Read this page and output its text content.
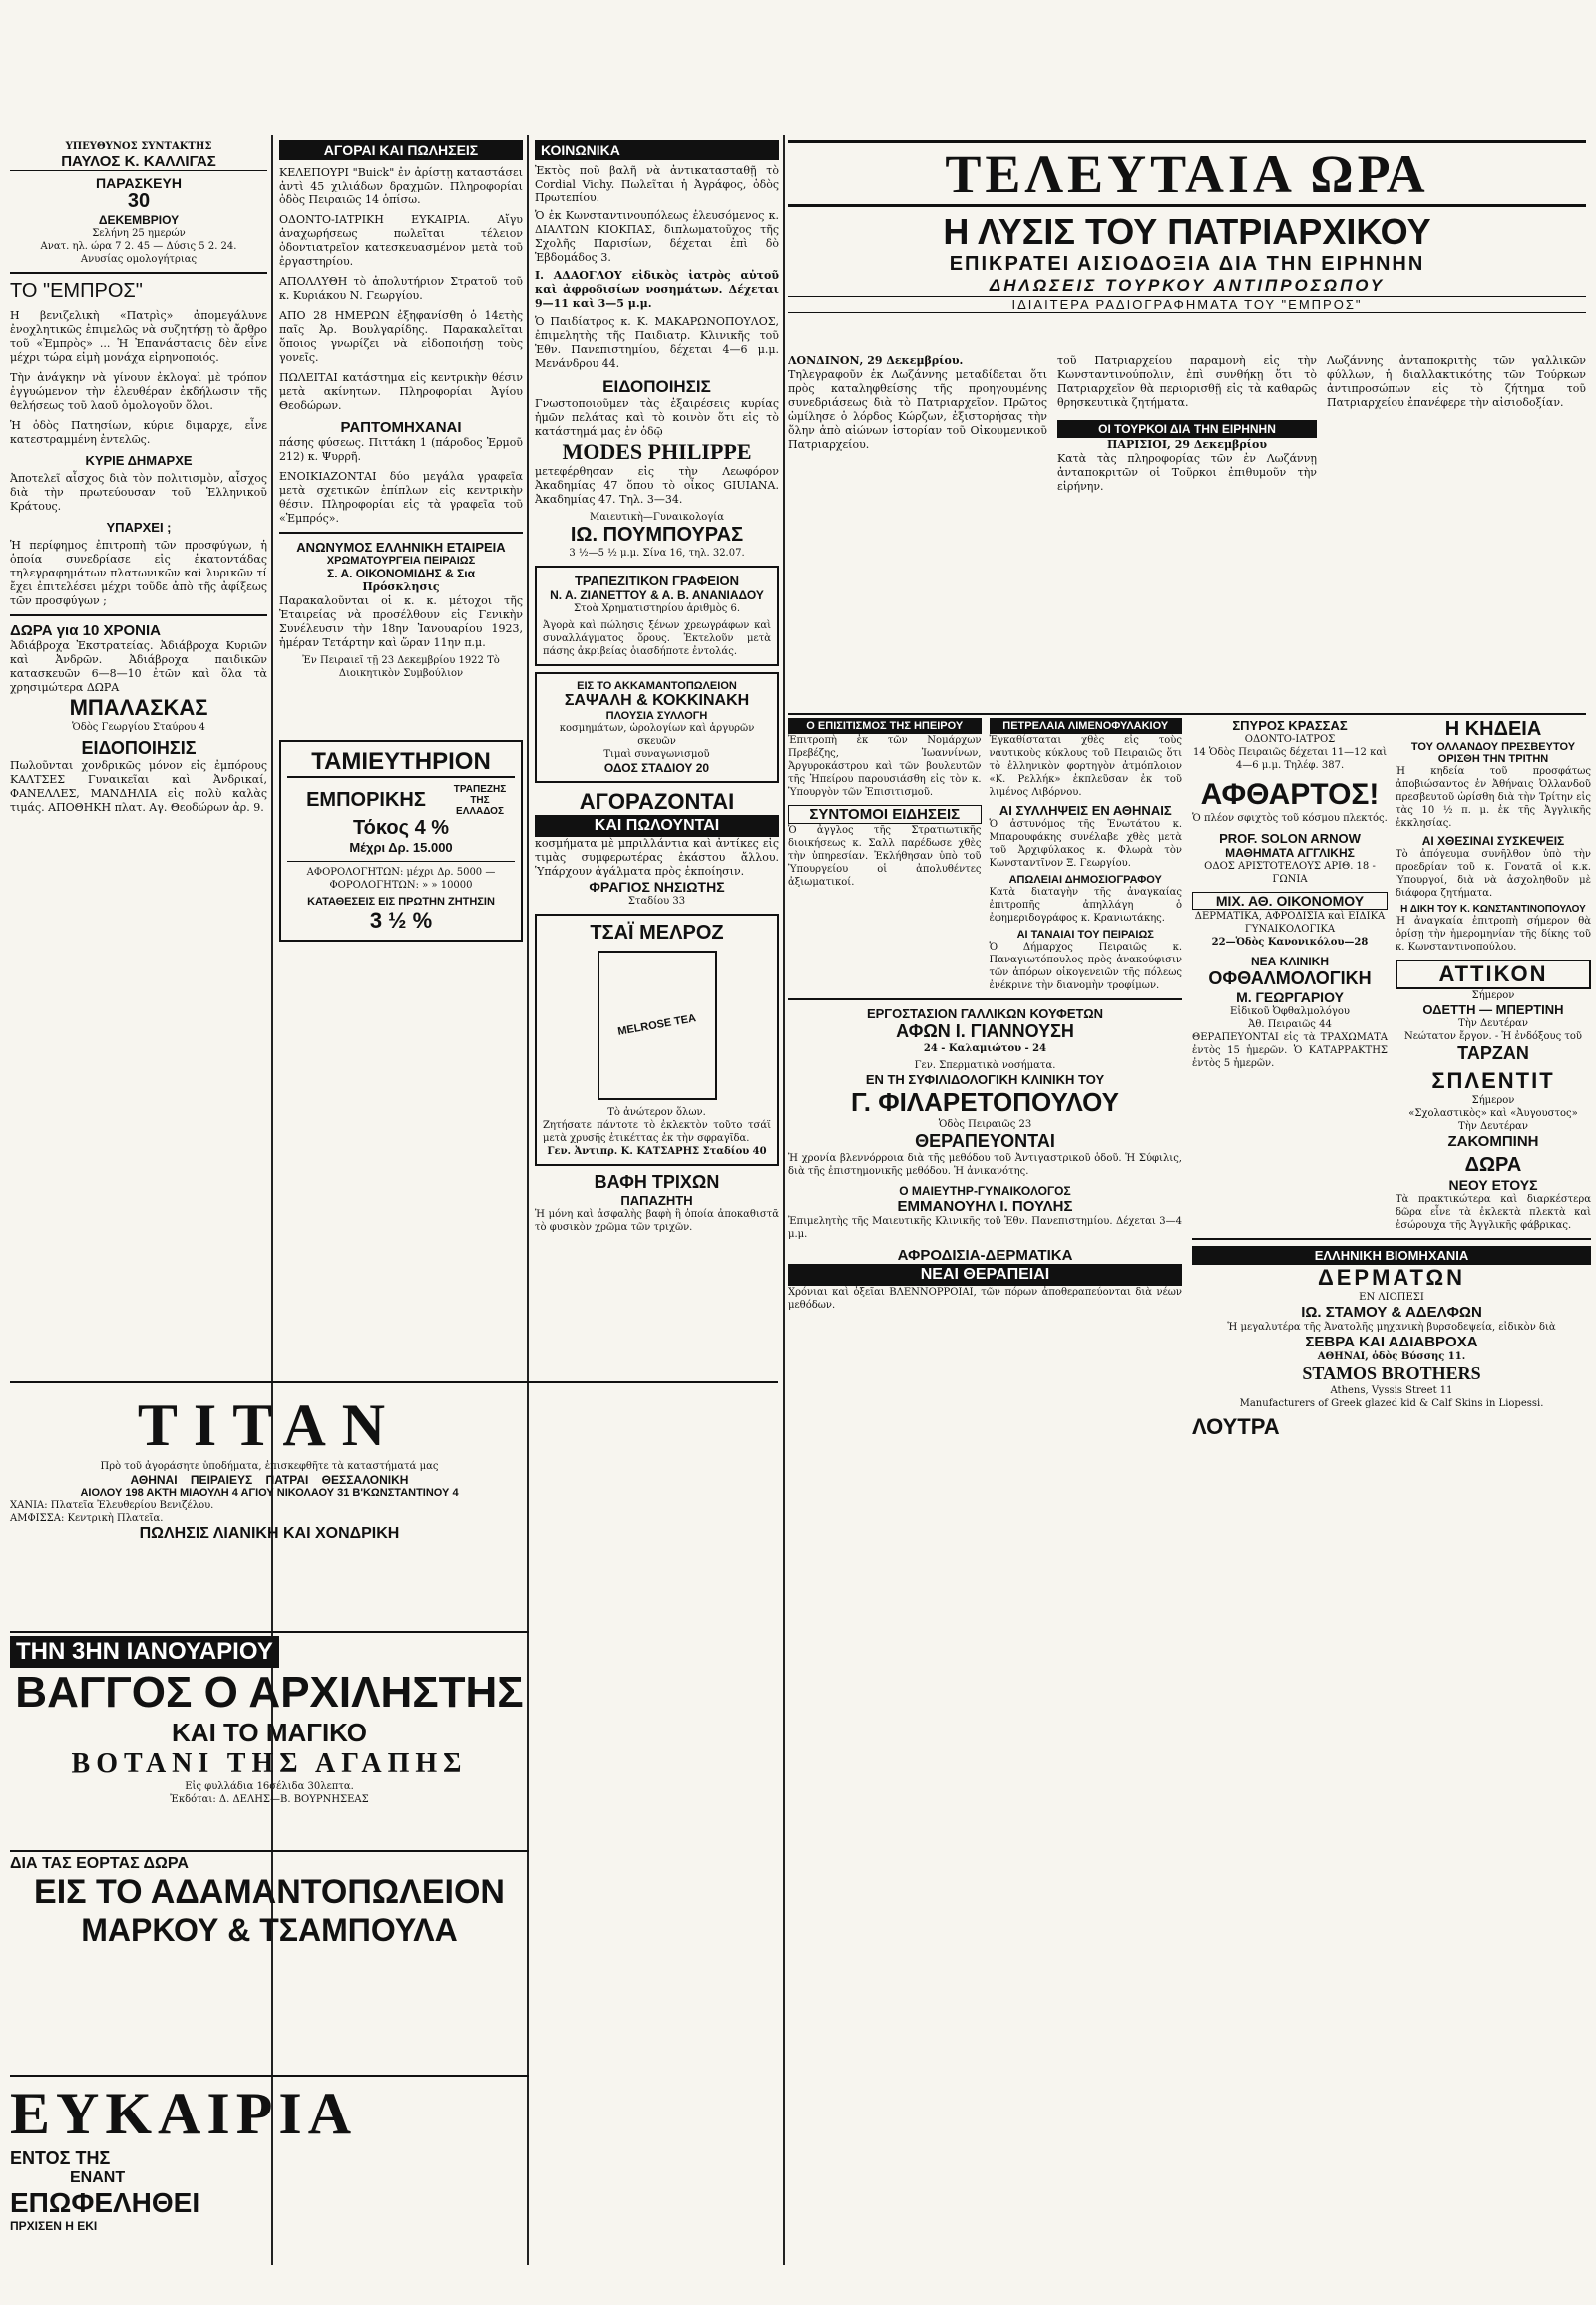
ΥΠΕΥΘΥΝΟΣ ΣΥΝΤΑΚΤΗΣ
ΠΑΥΛΟΣ Κ. ΚΑΛΛΙΓΑΣ
ΠΑΡΑΣΚΕΥΗ
30
ΔΕΚΕΜΒΡΙΟΥ
Σελήνη 25 ημερών
Ανατ. ηλ. ώρα 7 2. 45 — Δύσις 5 2. 24.
Ανυσίας ομολογήτριας
ΤΟ "ΕΜΠΡΟΣ"

Η βενιζελικὴ «Πατρὶς» ἀπομεγάλυνε ἐνοχλητικῶς ἐπιμελῶς νὰ συζητήσῃ τὸ ἄρθρο τοῦ «Ἐμπρὸς» ... Ἡ Ἐπανάστασις δὲν εἶνε μέχρι τώρα εἰμὴ μονάχα εἰρηνοποιός.

Τὴν ἀνάγκην νὰ γίνουν ἐκλογαὶ μὲ τρόπον ἐγγυώμενον τὴν ἐλευθέραν ἐκδήλωσιν τῆς θελήσεως τοῦ λαοῦ ὁμολογοῦν ὅλοι.

Ἡ ὁδὸς Πατησίων, κύριε διμαρχε, εἶνε κατεστραμμένη ἐντελῶς.

ΚΥΡΙΕ ΔΗΜΑΡΧΕ

Ἀποτελεῖ αἶσχος διὰ τὸν πολιτισμὸν, αἶσχος διὰ τὴν πρωτεύουσαν τοῦ Ἑλληνικοῦ Κράτους.

ΥΠΑΡΧΕΙ ;

Ἡ περίφημος ἐπιτροπὴ τῶν προσφύγων, ἡ ὁποία συνεδρίασε εἰς ἑκατοντάδας τηλεγραφημάτων πλατωνικῶν καὶ λυρικῶν τί ἔχει ἐπιτελέσει μέχρι τοῦδε ἀπὸ τῆς ἀφίξεως τῶν προσφύγων ;

ΔΩΡΑ για 10 ΧΡΟΝΙΑ

Ἀδιάβροχα Ἐκστρατείας. Ἀδιάβροχα Κυριῶν καὶ Ἀνδρῶν. Ἀδιάβροχα παιδικῶν κατασκευῶν 6—8—10 ἐτῶν καὶ ὅλα τὰ χρησιμώτερα ΔΩΡΑ

ΜΠΑΛΑΣΚΑΣ
Ὁδὸς Γεωργίου Σταύρου 4
ΕΙΔΟΠΟΙΗΣΙΣ

Πωλοῦνται χονδρικῶς μόνον εἰς ἐμπόρους ΚΑΛΤΣΕΣ Γυναικεῖαι καὶ Ἀνδρικαί, ΦΑΝΕΛΛΕΣ, ΜΑΝΔΗΛΙΑ εἰς πολὺ καλὰς τιμάς. ΑΠΟΘΗΚΗ πλατ. Αγ. Θεοδώρων ἀρ. 9.

ΑΓΟΡΑΙ ΚΑΙ ΠΩΛΗΣΕΙΣ

ΚΕΛΕΠΟΥΡΙ "Buick" ἐν ἀρίστῃ καταστάσει ἀντὶ 45 χιλιάδων δραχμῶν. Πληροφορίαι ὁδὸς Πειραιῶς 14 ὁπίσω.

ΟΔΟΝΤΟ-ΙΑΤΡΙΚΗ ΕΥΚΑΙΡΙΑ. Αἴγυ ἀναχωρήσεως πωλεῖται τέλειον ὀδοντιατρεῖον κατεσκευασμένον μετὰ τοῦ ἐργαστηρίου.

ΑΠΟΛΛΥΘΗ τὸ ἀπολυτήριον Στρατοῦ τοῦ κ. Κυριάκου Ν. Γεωργίου.

ΑΠΟ 28 ΗΜΕΡΩΝ ἐξηφανίσθη ὁ 14ετὴς παῖς Ἀρ. Βουλγαρίδης. Παρακαλεῖται ὅποιος γνωρίζει νὰ εἰδοποιήσῃ τοὺς γονεῖς.

ΠΩΛΕΙΤΑΙ κατάστημα εἰς κεντρικὴν θέσιν μετὰ ακίνητων. Πληροφορίαι Ἀγίου Θεοδώρων.

ΡΑΠΤΟΜΗΧΑΝΑΙ

πάσης φύσεως. Πιττάκη 1 (πάροδος Ἑρμοῦ 212) κ. Ψυρρῆ.

ΕΝΟΙΚΙΑΖΟΝΤΑΙ δύο μεγάλα γραφεῖα μετὰ σχετικῶν ἐπίπλων εἰς κεντρικὴν θέσιν. Πληροφορίαι εἰς τὰ γραφεῖα τοῦ «Ἐμπρός».

ΑΝΩΝΥΜΟΣ ΕΛΛΗΝΙΚΗ ΕΤΑΙΡΕΙΑ
ΧΡΩΜΑΤΟΥΡΓΕΙΑ ΠΕΙΡΑΙΩΣ
Σ. Α. ΟΙΚΟΝΟΜΙΔΗΣ & Σια
Πρόσκλησις

Παρακαλοῦνται οἱ κ. κ. μέτοχοι τῆς Ἐταιρείας νὰ προσέλθουν εἰς Γενικὴν Συνέλευσιν τὴν 18ην Ἰανουαρίου 1923, ἡμέραν Τετάρτην καὶ ὥραν 11ην π.μ.

Ἐν Πειραιεῖ τῇ 23 Δεκεμβρίου 1922 Τὸ Διοικητικὸν Συμβούλιον

ΤΑΜΙΕΥΤΗΡΙΟΝ
ΕΜΠΟΡΙΚΗΣ	ΤΡΑΠΕΖΗΣ ΤΗΣ ΕΛΛΑΔΟΣ
Τόκος 4 %
Μέχρι Δρ. 15.000
ΑΦΟΡΟΛΟΓΗΤΩΝ: μέχρι Δρ. 5000 — ΦΟΡΟΛΟΓΗΤΩΝ: » » 10000
ΚΑΤΑΘΕΣΕΙΣ ΕΙΣ ΠΡΩΤΗΝ ΖΗΤΗΣΙΝ
3 ½ %
ΚΟΙΝΩΝΙΚΑ

Ἐκτὸς ποῦ βαλῆ νὰ ἀντικατασταθῇ τὸ Cordial Vichy. Πωλεῖται ἡ Ἀγράφος, ὁδὸς Πρωτεπίου.

Ὁ ἐκ Κωνσταντινουπόλεως ἐλευσόμενος κ. ΔΙΑΛΤΩΝ ΚΙΟΚΠΑΣ, διπλωματοῦχος τῆς Σχολῆς Παρισίων, δέχεται ἐπὶ δὸ Ἑβδομάδος 3.

Ι. ΑΔΑΟΓΛΟΥ εἰδικὸς ἰατρὸς αὐτοῦ καὶ ἀφροδισίων νοσημάτων. Δέχεται 9—11 καὶ 3—5 μ.μ.

Ὁ Παιδίατρος κ. Κ. ΜΑΚΑΡΩΝΟΠΟΥΛΟΣ, ἐπιμελητὴς τῆς Παιδιατρ. Κλινικῆς τοῦ Ἑθν. Πανεπιστημίου, δέχεται 4—6 μ.μ. Μενάνδρου 44.

ΕΙΔΟΠΟΙΗΣΙΣ

Γνωστοποιοῦμεν τὰς ἐξαιρέσεις κυρίας ἡμῶν πελάτας καὶ τὸ κοινὸν ὅτι εἰς τὸ κατάστημά μας ἐν ὁδῷ

MODES PHILIPPE

μετεφέρθησαν εἰς τὴν Λεωφόρον Ἀκαδημίας 47 ὅπου τὸ οἶκος GIUIANA. Ἀκαδημίας 47. Τηλ. 3—34.

Μαιευτικὴ—Γυναικολογία
ΙΩ. ΠΟΥΜΠΟΥΡΑΣ
3 ½—5 ½ μ.μ. Σίνα 16, τηλ. 32.07.
ΤΡΑΠΕΖΙΤΙΚΟΝ ΓΡΑΦΕΙΟΝ
Ν. Α. ΖΙΑΝΕΤΤΟΥ & Α. Β. ΑΝΑΝΙΑΔΟΥ
Στοὰ Χρηματιστηρίου ἀριθμὸς 6.

Ἀγορὰ καὶ πώλησις ξένων χρεωγράφων καὶ συναλλάγματος ὅρους. Ἐκτελοῦν μετὰ πάσης ἀκριβείας ὁιασδήποτε ἐντολάς.

ΕΙΣ ΤΟ ΑΚΚΑΜΑΝΤΟΠΩΛΕΙΟΝ
ΣΑΨΑΛΗ & ΚΟΚΚΙΝΑΚΗ
ΠΛΟΥΣΙΑ ΣΥΛΛΟΓΗ
κοσμημάτων, ὡρολογίων καὶ ἀργυρῶν σκευῶν
Τιμαὶ συναγωνισμοῦ
ΟΔΟΣ ΣΤΑΔΙΟΥ 20
ΑΓΟΡΑΖΟΝΤΑΙ
ΚΑΙ ΠΩΛΟΥΝΤΑΙ

κοσμήματα μὲ μπριλλάντια καὶ ἀντίκες εἰς τιμὰς συμφερωτέρας ἑκάστου ἄλλου. Ὑπάρχουν ἀγάλματα πρὸς ἐκποίησιν.

ΦΡΑΓΙΟΣ ΝΗΣΙΩΤΗΣ
Σταδίου 33
ΤΣΑΪ ΜΕΛΡΟΖ
MELROSE TEA
Τὸ ἀνώτερον ὅλων.

Ζητήσατε πάντοτε τὸ ἐκλεκτὸν τοῦτο τσάϊ μετὰ χρυσῆς ἐτικέττας ἐκ τὴν σφραγῖδα.

Γεν. Ἀντιπρ. Κ. ΚΑΤΣΑΡΗΣ Σταδίου 40
ΒΑΦΗ ΤΡΙΧΩΝ
ΠΑΠΑΖΗΤΗ

Ἡ μόνη καὶ ἀσφαλὴς βαφὴ ἣ ὁποία ἀποκαθιστᾶ τὸ φυσικὸν χρῶμα τῶν τριχῶν.

ΤΕΛΕΥΤΑΙΑ ΩΡΑ
Η ΛΥΣΙΣ ΤΟΥ ΠΑΤΡΙΑΡΧΙΚΟΥ
ΕΠΙΚΡΑΤΕΙ ΑΙΣΙΟΔΟΞΙΑ ΔΙΑ ΤΗΝ ΕΙΡΗΝΗΝ
ΔΗΛΩΣΕΙΣ ΤΟΥΡΚΟΥ ΑΝΤΙΠΡΟΣΩΠΟΥ
ΙΔΙΑΙΤΕΡΑ ΡΑΔΙΟΓΡΑΦΗΜΑΤΑ ΤΟΥ "ΕΜΠΡΟΣ"
ΛΟΝΔΙΝΟΝ, 29 Δεκεμβρίου.

Τηλεγραφοῦν ἐκ Λωζάννης μεταδίδεται ὅτι πρὸς καταληφθείσης τῆς προηγουμένης συνεδριάσεως διὰ τὸ Πατριαρχεῖον. Πρῶτος ὡμίλησε ὁ λόρδος Κώρζων, ἐξιστορήσας τὴν ὅλην ἀπὸ αἰώνων ἱστορίαν τοῦ Οἰκουμενικοῦ Πατριαρχείου.

τοῦ Πατριαρχείου παραμονὴ εἰς τὴν Κωνσταντινούπολιν, ἐπὶ συνθήκῃ ὅτι τὸ Πατριαρχεῖον θὰ περιορισθῇ εἰς τὰ καθαρῶς θρησκευτικὰ ζητήματα.

ΟΙ ΤΟΥΡΚΟΙ ΔΙΑ ΤΗΝ ΕΙΡΗΝΗΝ
ΠΑΡΙΣΙΟΙ, 29 Δεκεμβρίου

Κατὰ τὰς πληροφορίας τῶν ἐν Λωζάννῃ ἀνταποκριτῶν οἱ Τοῦρκοι ἐπιθυμοῦν τὴν εἰρήνην.

Λωζάννης ἀνταποκριτὴς τῶν γαλλικῶν φύλλων, ἡ διαλλακτικότης τῶν Τούρκων ἀντιπροσώπων εἰς τὸ ζήτημα τοῦ Πατριαρχείου ἐπανέφερε τὴν αἰσιοδοξίαν.

Ο ΕΠΙΣΙΤΙΣΜΟΣ ΤΗΣ ΗΠΕΙΡΟΥ

Ἐπιτροπὴ ἐκ τῶν Νομάρχων Πρεβέζης, Ἰωαννίνων, Ἀργυροκάστρου καὶ τῶν βουλευτῶν τῆς Ἠπείρου παρουσιάσθη εἰς τὸν κ. Ὑπουργὸν τῶν Ἐπισιτισμοῦ.

ΣΥΝΤΟΜΟΙ ΕΙΔΗΣΕΙΣ

Ὁ ἀγγλος τῆς Στρατιωτικῆς διοικήσεως κ. Σαλλ παρέδωσε χθὲς τὴν ὑπηρεσίαν. Ἐκλήθησαν ὑπὸ τοῦ Ὑπουργείου οἱ ἀπολυθέντες ἀξιωματικοί.

ΠΕΤΡΕΛΑΙΑ ΛΙΜΕΝΟΦΥΛΑΚΙΟΥ

Ἐγκαθίσταται χθὲς εἰς τοὺς ναυτικοὺς κύκλους τοῦ Πειραιῶς ὅτι τὸ ἑλληνικὸν φορτηγὸν ἀτμόπλοιον «Κ. Ρελλήκ» ἐκπλεῦσαν ἐκ τοῦ λιμένος Λιβόρνου.

ΑΙ ΣΥΛΛΗΨΕΙΣ ΕΝ ΑΘΗΝΑΙΣ

Ὁ ἀστυνόμος τῆς Ἑνωτάτου κ. Μπαρουφάκης συνέλαβε χθὲς μετὰ τοῦ Ἀρχιφύλακος κ. Φλωρὰ τὸν Κωνσταντῖνον Ξ. Γεωργίου.

ΑΠΩΛΕΙΑΙ ΔΗΜΟΣΙΟΓΡΑΦΟΥ

Κατὰ διαταγὴν τῆς ἀναγκαίας ἐπιτροπῆς ἀπηλλάγη ὁ ἐφημεριδογράφος κ. Κρανιωτάκης.

ΑΙ ΤΑΝΑΙΑΙ ΤΟΥ ΠΕΙΡΑΙΩΣ

Ὁ Δήμαρχος Πειραιῶς κ. Παναγιωτόπουλος πρὸς ἀνακούφισιν τῶν ἀπόρων οἰκογενειῶν τῆς πόλεως ἐνέκρινε τὴν διανομὴν τροφίμων.

ΕΡΓΟΣΤΑΣΙΟΝ ΓΑΛΛΙΚΩΝ ΚΟΥΦΕΤΩΝ
ΑΦΩΝ Ι. ΓΙΑΝΝΟΥΣΗ
24 - Καλαμιώτου - 24
Γεν. Σπερματικὰ νοσήματα.
ΕΝ ΤΗ ΣΥΦΙΛΙΔΟΛΟΓΙΚΗ ΚΛΙΝΙΚΗ ΤΟΥ
Γ. ΦΙΛΑΡΕΤΟΠΟΥΛΟΥ
Ὁδὸς Πειραιῶς 23
ΘΕΡΑΠΕΥΟΝΤΑΙ

Ἡ χρονία βλεννόρροια διὰ τῆς μεθόδου τοῦ Ἀντιγαστρικοῦ ὁδοῦ. Ἡ Σύφιλις, διὰ τῆς ἐπιστημονικῆς μεθόδου. Ἡ ἀνικανότης.

Ο ΜΑΙΕΥΤΗΡ-ΓΥΝΑΙΚΟΛΟΓΟΣ
ΕΜΜΑΝΟΥΗΛ Ι. ΠΟΥΛΗΣ

Ἐπιμελητὴς τῆς Μαιευτικῆς Κλινικῆς τοῦ Ἑθν. Πανεπιστημίου. Δέχεται 3—4 μ.μ.

ΑΦΡΟΔΙΣΙΑ-ΔΕΡΜΑΤΙΚΑ
ΝΕΑΙ ΘΕΡΑΠΕΙΑΙ

Χρόνιαι καὶ ὀξεῖαι ΒΛΕΝΝΟΡΡΟΙΑΙ, τῶν πόρων ἀποθεραπεύονται διὰ νέων μεθόδων.

ΣΠΥΡΟΣ ΚΡΑΣΣΑΣ
ΟΔΟΝΤΟ-ΙΑΤΡΟΣ
14 Ὁδὸς Πειραιῶς δέχεται 11—12 καὶ 4—6 μ.μ. Τηλέφ. 387.
ΑΦΘΑΡΤΟΣ!

Ὁ πλέον σφιχτὸς τοῦ κόσμου πλεκτός.

PROF. SOLON ARNOW
ΜΑΘΗΜΑΤΑ ΑΓΓΛΙΚΗΣ
ΟΔΟΣ ΑΡΙΣΤΟΤΕΛΟΥΣ ΑΡΙΘ. 18 - ΓΩΝΙΑ
ΜΙΧ. ΑΘ. ΟΙΚΟΝΟΜΟΥ
ΔΕΡΜΑΤΙΚΑ, ΑΦΡΟΔΙΣΙΑ καὶ ΕΙΔΙΚΑ ΓΥΝΑΙΚΟΛΟΓΙΚΑ
22—Ὁδὸς Κανονικόλου—28
ΝΕΑ ΚΛΙΝΙΚΗ
ΟΦΘΑΛΜΟΛΟΓΙΚΗ
Μ. ΓΕΩΡΓΑΡΙΟΥ
Εἰδικοῦ Ὀφθαλμολόγου
Ἀθ. Πειραιῶς 44

ΘΕΡΑΠΕΥΟΝΤΑΙ εἰς τὰ ΤΡΑΧΩΜΑΤΑ ἐντὸς 15 ἡμερῶν. Ὁ ΚΑΤΑΡΡΑΚΤΗΣ ἐντὸς 5 ἡμερῶν.

Η ΚΗΔΕΙΑ
ΤΟΥ ΟΛΛΑΝΔΟΥ ΠΡΕΣΒΕΥΤΟΥ
ΟΡΙΣΘΗ ΤΗΝ ΤΡΙΤΗΝ

Ἡ κηδεία τοῦ προσφάτως ἀποβιώσαντος ἐν Ἀθήναις Ὀλλανδοῦ πρεσβευτοῦ ὡρίσθη διὰ τὴν Τρίτην εἰς τὰς 10 ½ π. μ. ἐκ τῆς Ἀγγλικῆς ἐκκλησίας.

ΑΙ ΧΘΕΣΙΝΑΙ ΣΥΣΚΕΨΕΙΣ

Τὸ ἀπόγευμα συνῆλθον ὑπὸ τὴν προεδρίαν τοῦ κ. Γονατᾶ οἱ κ.κ. Ὑπουργοί, διὰ νὰ ἀσχοληθοῦν μὲ διάφορα ζητήματα.

Η ΔΙΚΗ ΤΟΥ Κ. ΚΩΝΣΤΑΝΤΙΝΟΠΟΥΛΟΥ

Ἡ ἀναγκαία ἐπιτροπὴ σήμερον θὰ ὁρίσῃ τὴν ἡμερομηνίαν τῆς δίκης τοῦ κ. Κωνσταντινοπούλου.

ΑΤΤΙΚΟΝ
Σήμερον
ΟΔΕΤΤΗ — ΜΠΕΡΤΙΝΗ
Τὴν Δευτέραν
Νεώτατον ἔργον. - Ἡ ἐνδόξους τοῦ
ΤΑΡΖΑΝ
ΣΠΛΕΝΤΙΤ
Σήμερον
«Σχολαστικὸς» καὶ «Ἀυγουστος»
Τὴν Δευτέραν
ΖΑΚΟΜΠΙΝΗ
ΔΩΡΑ
ΝΕΟΥ ΕΤΟΥΣ

Τὰ πρακτικώτερα καὶ διαρκέστερα δῶρα εἶνε τὰ ἐκλεκτὰ πλεκτὰ καὶ ἐσώρουχα τῆς Ἀγγλικῆς φάβρικας.

ΕΛΛΗΝΙΚΗ ΒΙΟΜΗΧΑΝΙΑ
ΔΕΡΜΑΤΩΝ
ΕΝ ΛΙΟΠΕΣΙ
ΙΩ. ΣΤΑΜΟΥ & ΑΔΕΛΦΩΝ

Ἡ μεγαλυτέρα τῆς Ἀνατολῆς μηχανικὴ βυρσοδεψεία, εἰδικὸν διὰ

ΣΕΒΡΑ ΚΑΙ ΑΔΙΑΒΡΟΧΑ
ΑΘΗΝΑΙ, ὁδὸς Βύσσης 11.
STAMOS BROTHERS
Athens, Vyssis Street 11
Manufacturers of Greek glazed kid & Calf Skins in Liopessi.
ΛΟΥΤΡΑ
ΤΙΤΑΝ
Πρὸ τοῦ ἀγοράσητε ὑποδήματα, ἐπισκεφθῆτε τὰ καταστήματά μας
ΑΘΗΝΑΙ    ΠΕΙΡΑΙΕΥΣ    ΠΑΤΡΑΙ    ΘΕΣΣΑΛΟΝΙΚΗ
ΑΙΟΛΟΥ 198 ΑΚΤΗ ΜΙΑΟΥΛΗ 4 ΑΓΙΟΥ ΝΙΚΟΛΑΟΥ 31 Β'ΚΩΝΣΤΑΝΤΙΝΟΥ 4
ΧΑΝΙΑ: Πλατεῖα Ἐλευθερίου Βενιζέλου.
ΑΜΦΙΣΣΑ: Κεντρικὴ Πλατεῖα.
ΠΩΛΗΣΙΣ ΛΙΑΝΙΚΗ ΚΑΙ ΧΟΝΔΡΙΚΗ
ΤΗΝ 3ΗΝ ΙΑΝΟΥΑΡΙΟΥ
ΒΑΓΓΟΣ Ο ΑΡΧΙΛΗΣΤΗΣ
ΚΑΙ ΤΟ ΜΑΓΙΚΟ
ΒΟΤΑΝΙ ΤΗΣ ΑΓΑΠΗΣ
Εἰς φυλλάδια 16σέλιδα 30λεπτα.
Ἐκδόται: Δ. ΔΕΛΗΣ—Β. ΒΟΥΡΝΗΣΕΑΣ
ΔΙΑ ΤΑΣ ΕΟΡΤΑΣ ΔΩΡΑ
ΕΙΣ ΤΟ ΑΔΑΜΑΝΤΟΠΩΛΕΙΟΝ
ΜΑΡΚΟΥ & ΤΣΑΜΠΟΥΛΑ
ΕΥΚΑΙΡΙΑ
ΕΝΤΟΣ ΤΗΣ
ΕΝΑΝΤ
ΕΠΩΦΕΛΗΘΕΙ
ΠΡΧΙΣΕΝ Η ΕΚΙ
